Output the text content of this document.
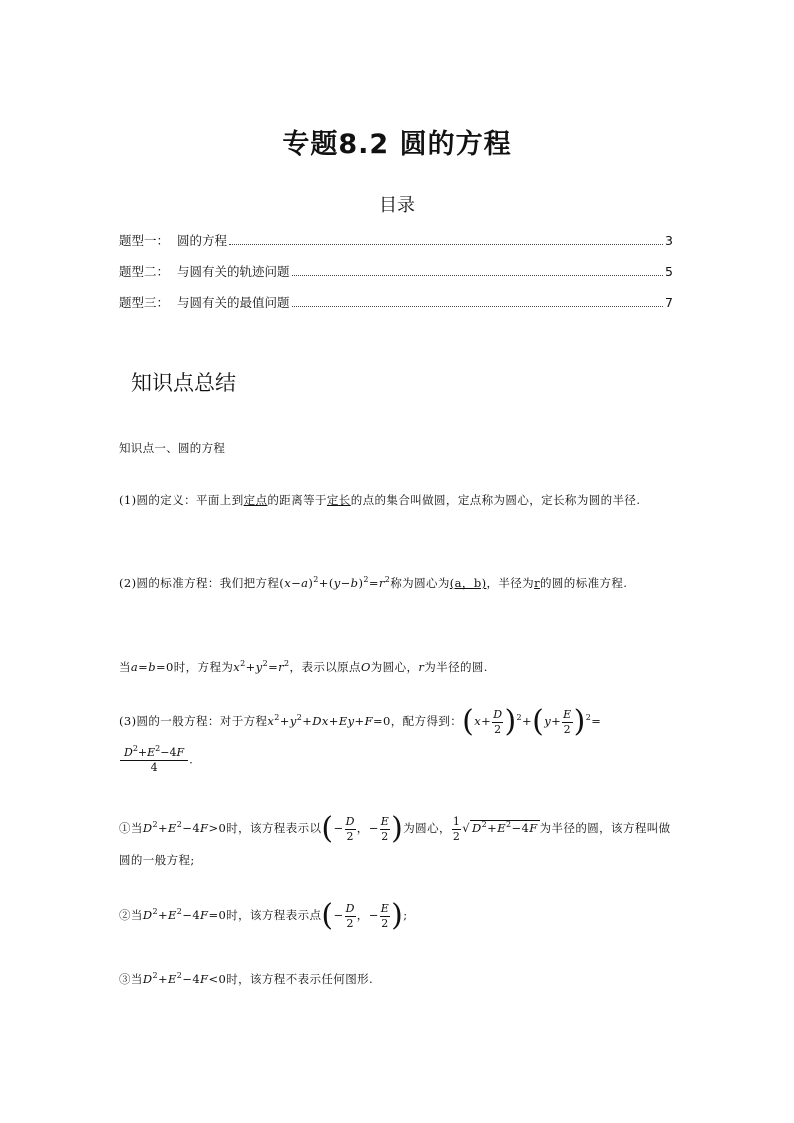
专题8.2 圆的方程
目录
题型一： 圆的方程	3
题型二： 与圆有关的轨迹问题	5
题型三： 与圆有关的最值问题	7
知识点总结
知识点一、圆的方程
(1)圆的定义：平面上到定点的距离等于定长的点的集合叫做圆，定点称为圆心，定长称为圆的半径.
(2)圆的标准方程：我们把方程$(x-a)^2+(y-b)^2=r^2$称为圆心为(a，b)，半径为r的圆的标准方程.
当a=b=0时，方程为$x^2+y^2=r^2$，表示以原点O为圆心，r为半径的圆.
(3)圆的一般方程：对于方程$x^2+y^2+Dx+Ey+F=0$，配方得到：$(x+ \frac{D}{2} )^2+(y+ \frac{E}{2} )^2=$
$\frac{D^2+E^2-4F}{4}$ .
①当$D^2+E^2-4F>0$时，该方程表示以(− $\frac{D}{2}$ ，− $\frac{E}{2}$ )为圆心， $\frac{1}{2}$ √ $D^2+E^2-4F$ 为半径的圆，该方程叫做圆的一般方程;
②当$D^2+E^2-4F=0$时，该方程表示点(− $\frac{D}{2}$ ，− $\frac{E}{2}$ );
③当$D^2+E^2-4F<0$时，该方程不表示任何图形.
